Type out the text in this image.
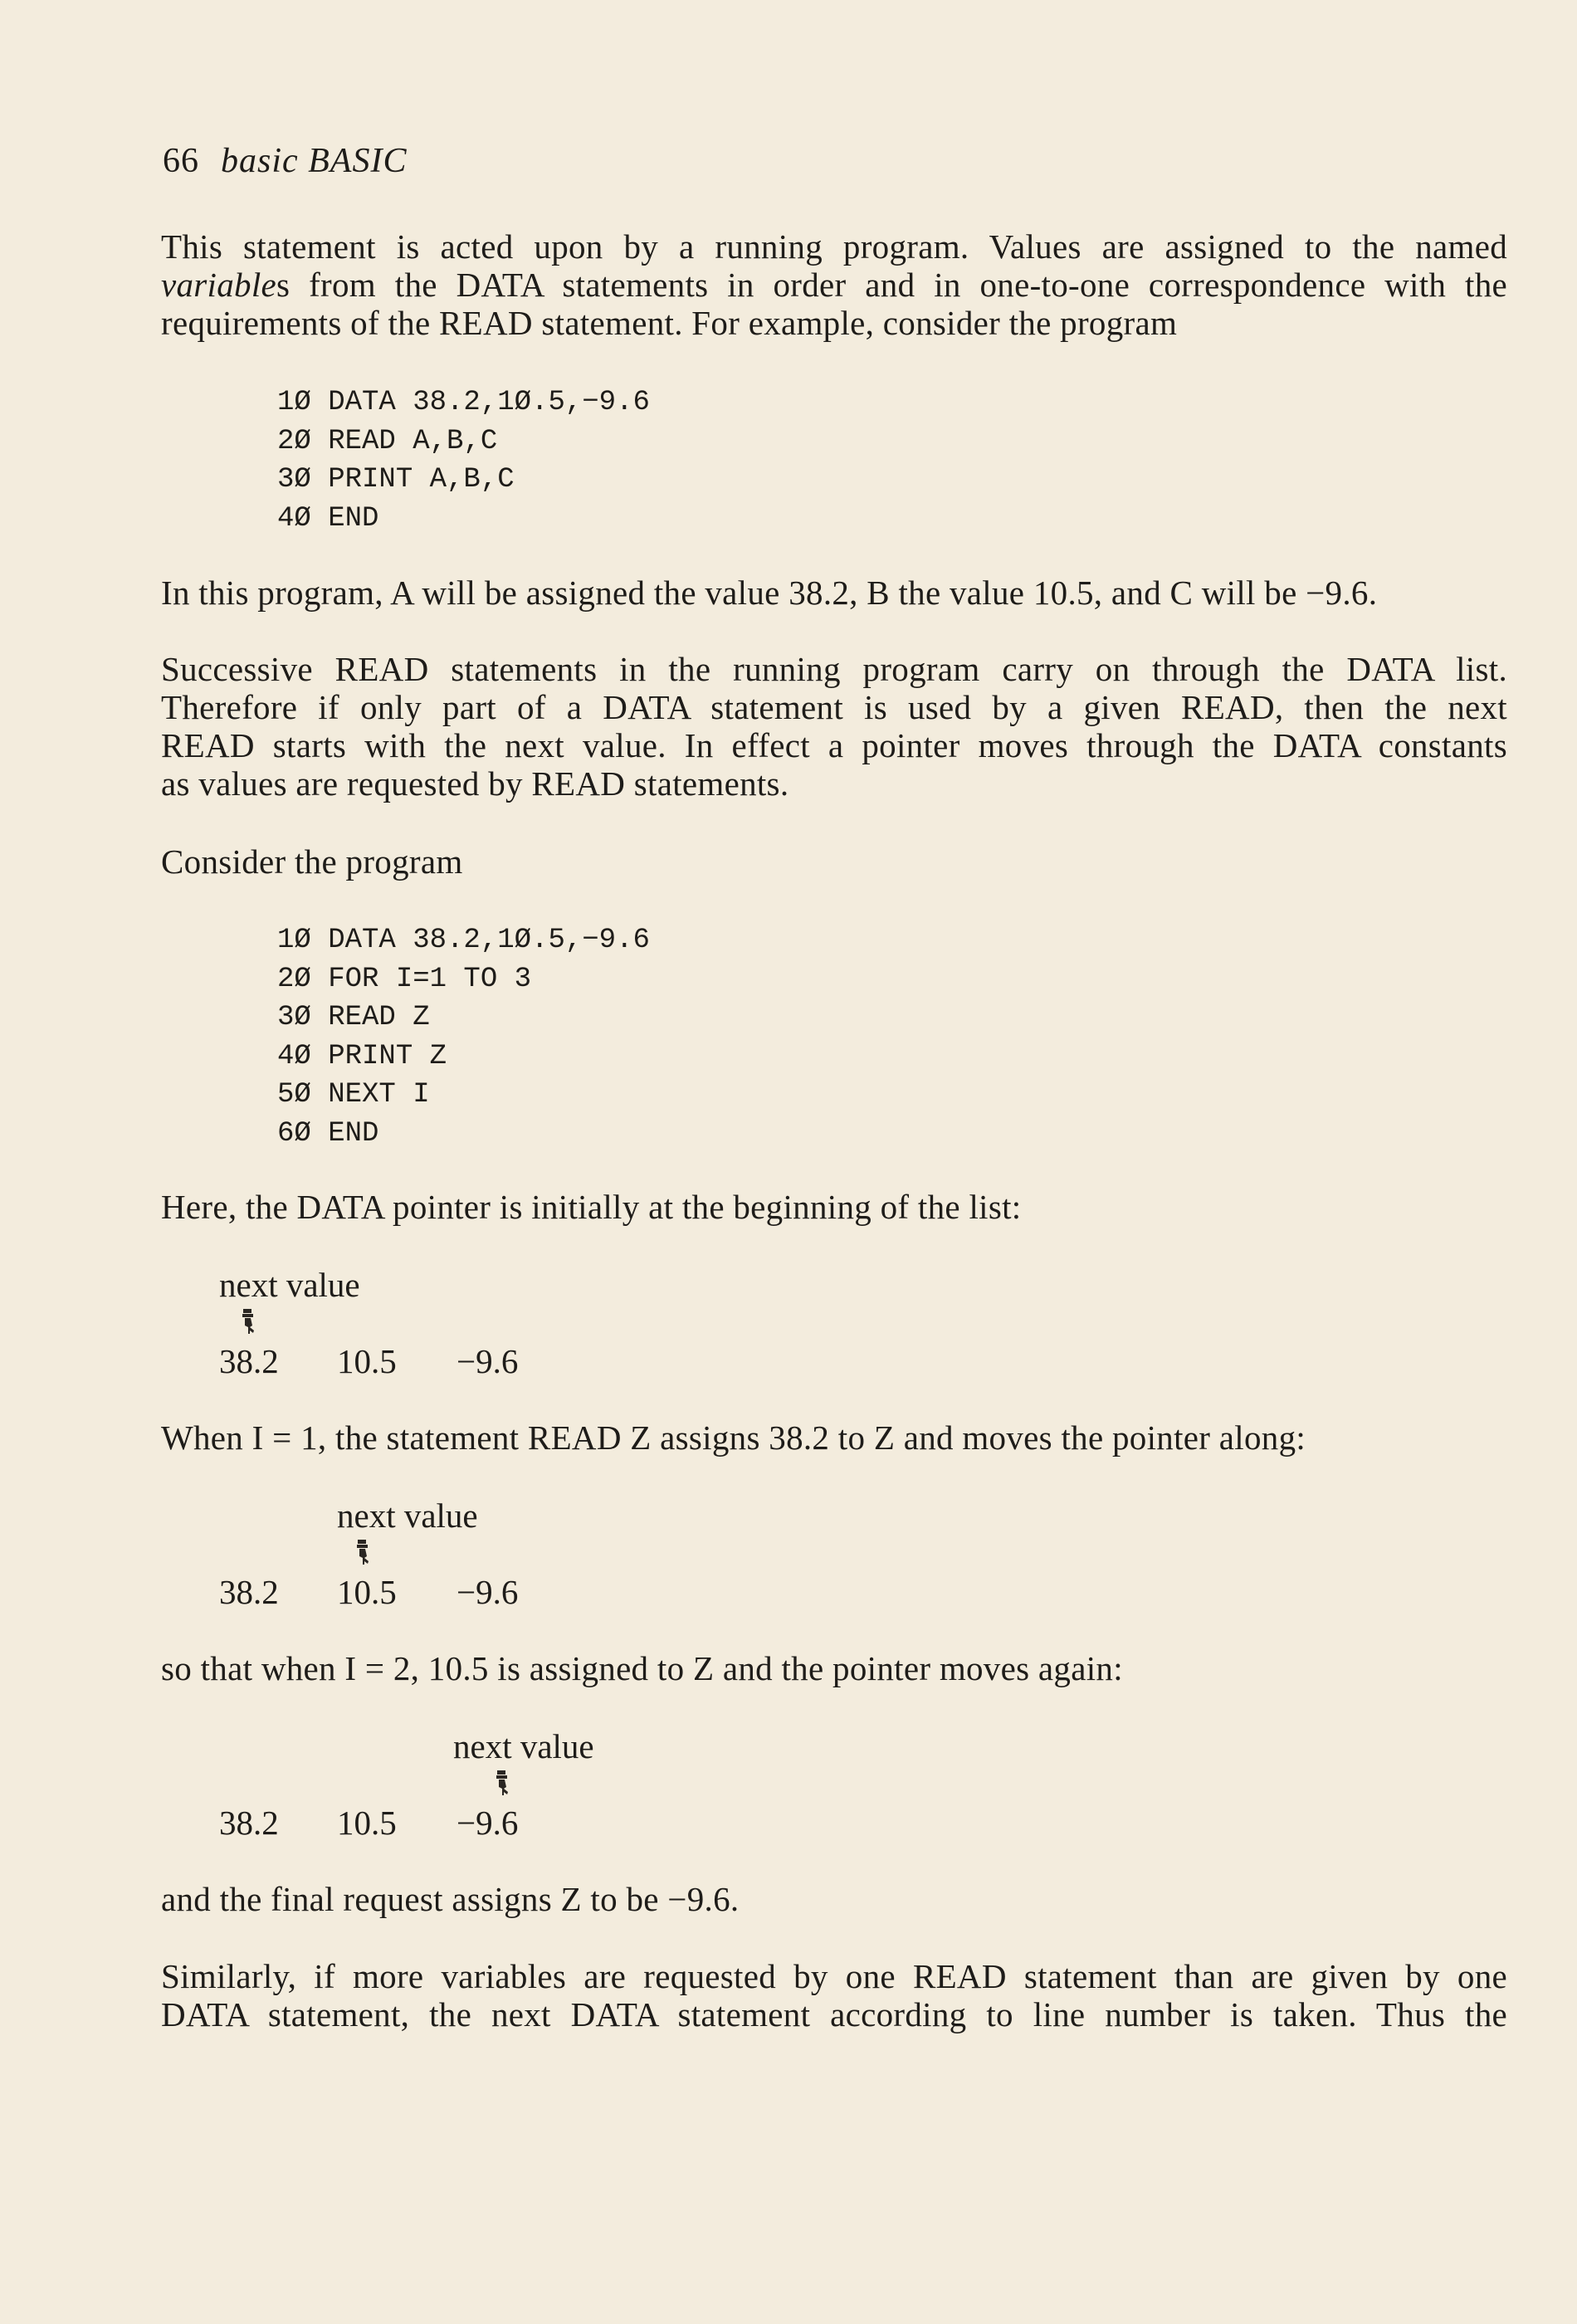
66 basic BASIC
This statement is acted upon by a running program. Values are assigned to the named
variables from the DATA statements in order and in one-to-one correspondence with the
requirements of the READ statement. For example, consider the program
1Ø DATA 38.2,1Ø.5,−9.6
2Ø READ A,B,C
3Ø PRINT A,B,C
4Ø END
In this program, A will be assigned the value 38.2, B the value 10.5, and C will be −9.6.
Successive READ statements in the running program carry on through the DATA list.
Therefore if only part of a DATA statement is used by a given READ, then the next
READ starts with the next value. In effect a pointer moves through the DATA constants
as values are requested by READ statements.
Consider the program
1Ø DATA 38.2,1Ø.5,−9.6
2Ø FOR I=1 TO 3
3Ø READ Z
4Ø PRINT Z
5Ø NEXT I
6Ø END
Here, the DATA pointer is initially at the beginning of the list:
next value
38.2 10.5 −9.6
When I = 1, the statement READ Z assigns 38.2 to Z and moves the pointer along:
next value
38.2 10.5 −9.6
so that when I = 2, 10.5 is assigned to Z and the pointer moves again:
next value
38.2 10.5 −9.6
and the final request assigns Z to be −9.6.
Similarly, if more variables are requested by one READ statement than are given by one
DATA statement, the next DATA statement according to line number is taken. Thus the
